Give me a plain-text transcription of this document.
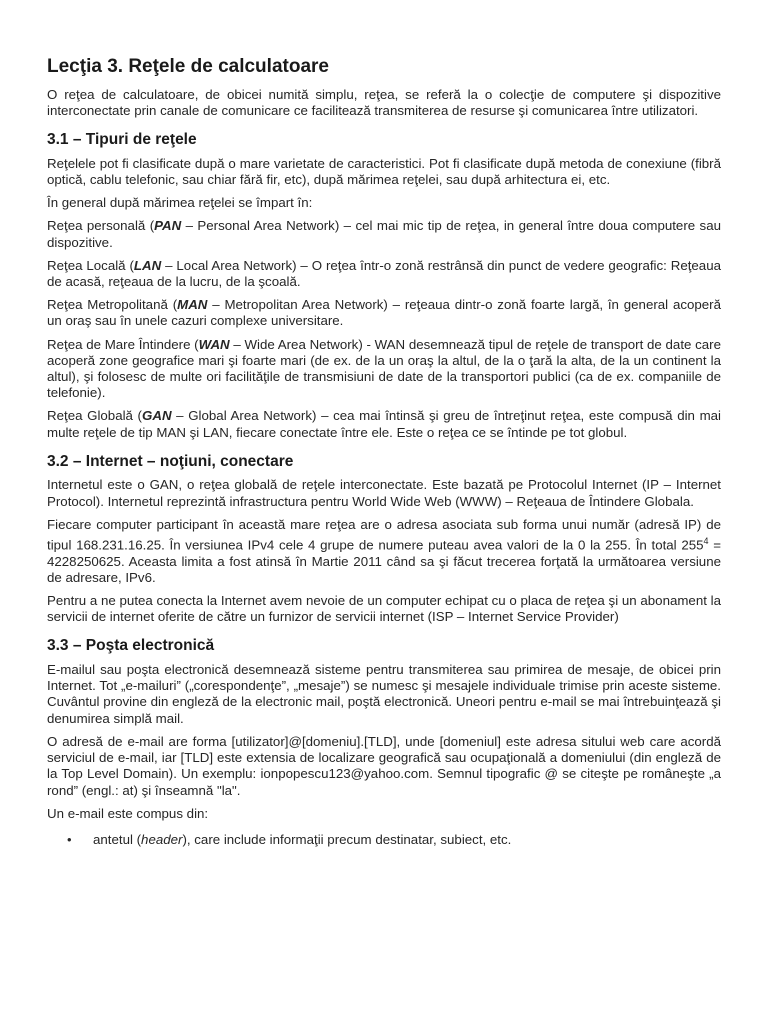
Lecţia 3. Reţele de calculatoare

O reţea de calculatoare, de obicei numită simplu, reţea, se referă la o colecţie de computere şi dispozitive interconectate prin canale de comunicare ce facilitează transmiterea de resurse şi comunicarea între utilizatori.

3.1 – Tipuri de reţele

Reţelele pot fi clasificate după o mare varietate de caracteristici. Pot fi clasificate după metoda de conexiune (fibră optică, cablu telefonic, sau chiar fără fir, etc), după mărimea reţelei, sau după arhitectura ei, etc.

În general după mărimea reţelei se împart în:

Reţea personală (PAN – Personal Area Network) – cel mai mic tip de reţea, in general între doua computere sau dispozitive.

Reţea Locală (LAN – Local Area Network) – O reţea într-o zonă restrânsă din punct de vedere geografic: Reţeaua de acasă, reţeaua de la lucru, de la şcoală.

Reţea Metropolitană (MAN – Metropolitan Area Network) – reţeaua dintr-o zonă foarte largă, în general acoperă un oraş sau în unele cazuri complexe universitare.

Reţea de Mare Întindere (WAN – Wide Area Network) - WAN desemnează tipul de reţele de transport de date care acoperă zone geografice mari şi foarte mari (de ex. de la un oraş la altul, de la o ţară la alta, de la un continent la altul), şi folosesc de multe ori facilităţile de transmisiuni de date de la transportori publici (ca de ex. companiile de telefonie).

Reţea Globală (GAN – Global Area Network) – cea mai întinsă şi greu de întreţinut reţea, este compusă din mai multe reţele de tip MAN şi LAN, fiecare conectate între ele. Este o reţea ce se întinde pe tot globul.

3.2 – Internet – noţiuni, conectare

Internetul este o GAN, o reţea globală de reţele interconectate. Este bazată pe Protocolul Internet (IP – Internet Protocol). Internetul reprezintă infrastructura pentru World Wide Web (WWW) – Reţeaua de Întindere Globala.

Fiecare computer participant în această mare reţea are o adresa asociata sub forma unui număr (adresă IP) de tipul 168.231.16.25. În versiunea IPv4 cele 4 grupe de numere puteau avea valori de la 0 la 255. În total $255^4 = 4228250625$. Aceasta limita a fost atinsă în Martie 2011 când sa şi făcut trecerea forţată la următoarea versiune de adresare, IPv6.

Pentru a ne putea conecta la Internet avem nevoie de un computer echipat cu o placa de reţea şi un abonament la servicii de internet oferite de către un furnizor de servicii internet (ISP – Internet Service Provider)

3.3 – Poşta electronică

E-mailul sau poşta electronică desemnează sisteme pentru transmiterea sau primirea de mesaje, de obicei prin Internet. Tot „e-mailuri” („corespondenţe”, „mesaje”) se numesc şi mesajele individuale trimise prin aceste sisteme. Cuvântul provine din engleză de la electronic mail, poştă electronică. Uneori pentru e-mail se mai întrebuinţează şi denumirea simplă mail.

O adresă de e-mail are forma [utilizator]@[domeniu].[TLD], unde [domeniul] este adresa sitului web care acordă serviciul de e-mail, iar [TLD] este extensia de localizare geografică sau ocupaţională a domeniului (din engleză de la Top Level Domain). Un exemplu: ionpopescu123@yahoo.com. Semnul tipografic @ se citeşte pe româneşte „a rond” (engl.: at) şi înseamnă "la".

Un e-mail este compus din:

• antetul (header), care include informaţii precum destinatar, subiect, etc.
